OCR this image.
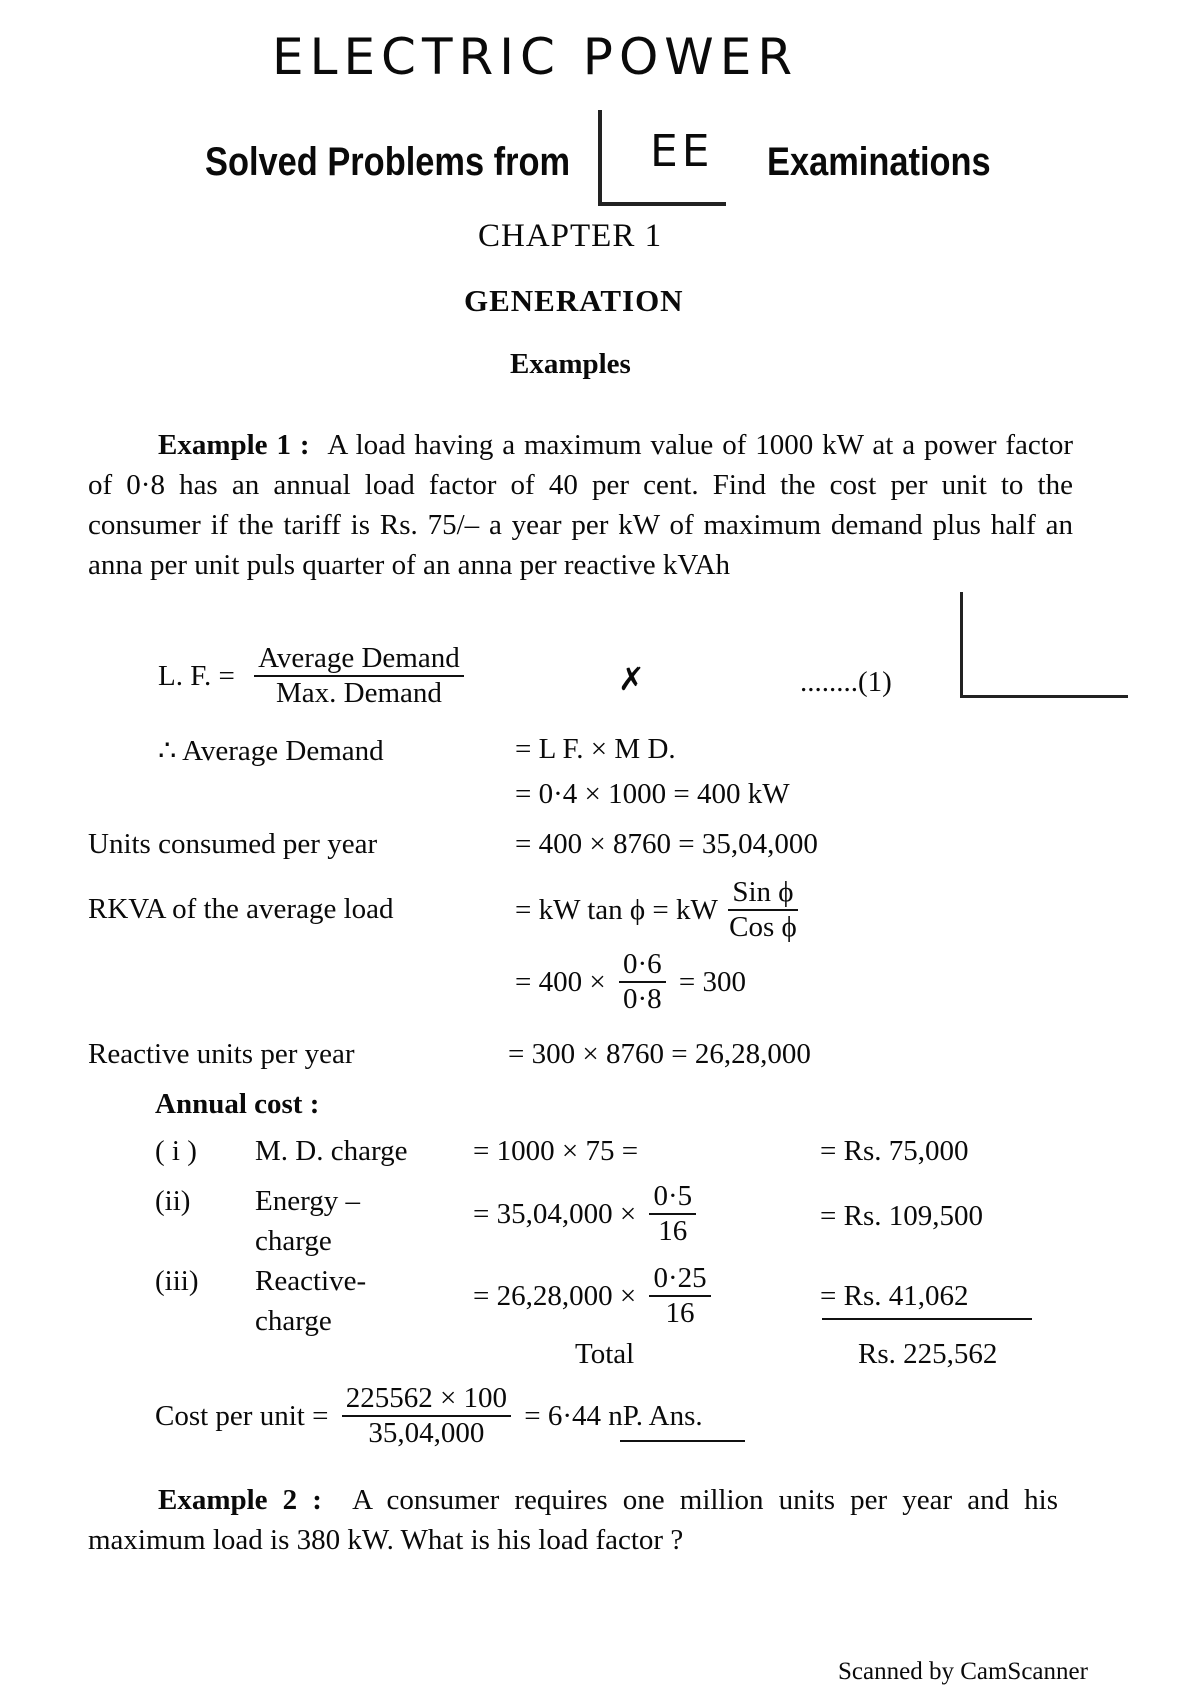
ELECTRIC POWER
Solved Problems from EE Examinations
CHAPTER 1
GENERATION
Examples
Example 1 : A load having a maximum value of 1000 kW at a power factor of 0·8 has an annual load factor of 40 per cent. Find the cost per unit to the consumer if the tariff is Rs. 75/– a year per kW of maximum demand plus half an anna per unit puls quarter of an anna per reactive kVAh
L. F. = $\frac{\text{Average Demand}}{\text{Max. Demand}}$	✗	........(1)
∴ Average Demand	= L F. × M D.
= 0·4 × 1000 = 400 kW
Units consumed per year	= 400 × 8760 = 35,04,000
RKVA of the average load	= kW tan ϕ = kW $\frac{\text{Sin ϕ}}{\text{Cos ϕ}}$
= $400 \times \frac{0\cdot 6}{0\cdot 8} = 300$
Reactive units per year	= 300 × 8760 = 26,28,000
Annual cost :
( i ) M. D. charge = 1000 × 75 =	= Rs. 75,000
(ii) Energy –
charge
= $35,04,000 \times \frac{0\cdot 5}{16}$	= Rs. 109,500
(iii) Reactive-
charge
= $26,28,000 \times \frac{0\cdot 25}{16}$	= Rs. 41,062
Total	Rs. 225,562
Cost per unit = $\frac{225562 \times 100}{35,04,000} = 6\cdot 44$ nP. Ans.
Example 2 : A consumer requires one million units per year and his maximum load is 380 kW. What is his load factor ?
Scanned by CamScanner
